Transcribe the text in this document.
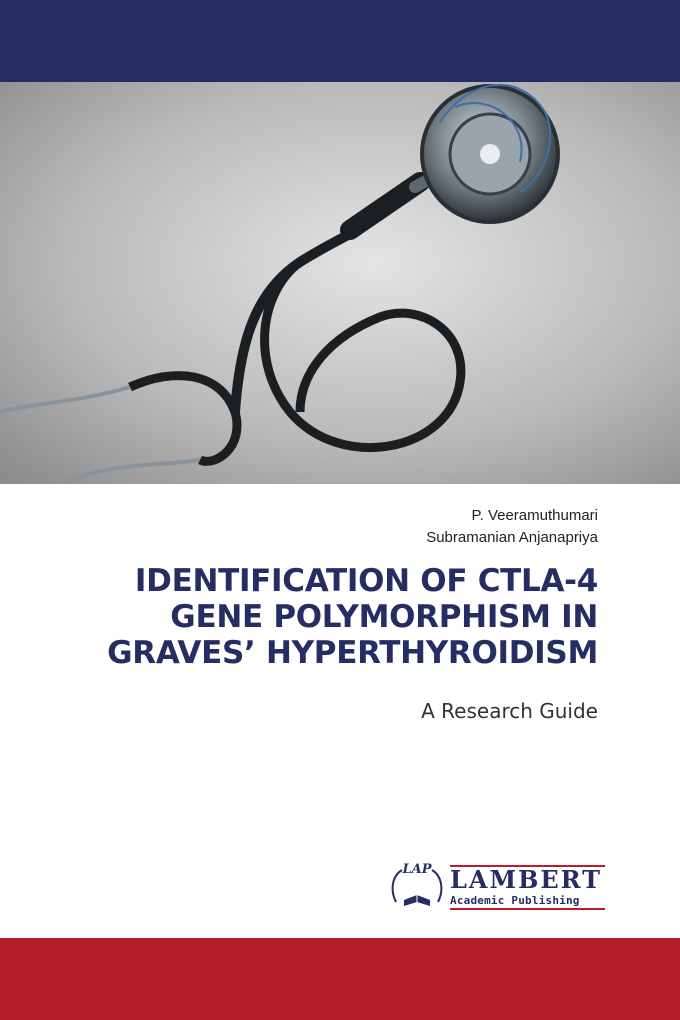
P. Veeramuthumari
Subramanian Anjanapriya
IDENTIFICATION OF CTLA-4
GENE POLYMORPHISM IN
GRAVES’ HYPERTHYROIDISM
A Research Guide
LAP LAMBERT
Academic Publishing
